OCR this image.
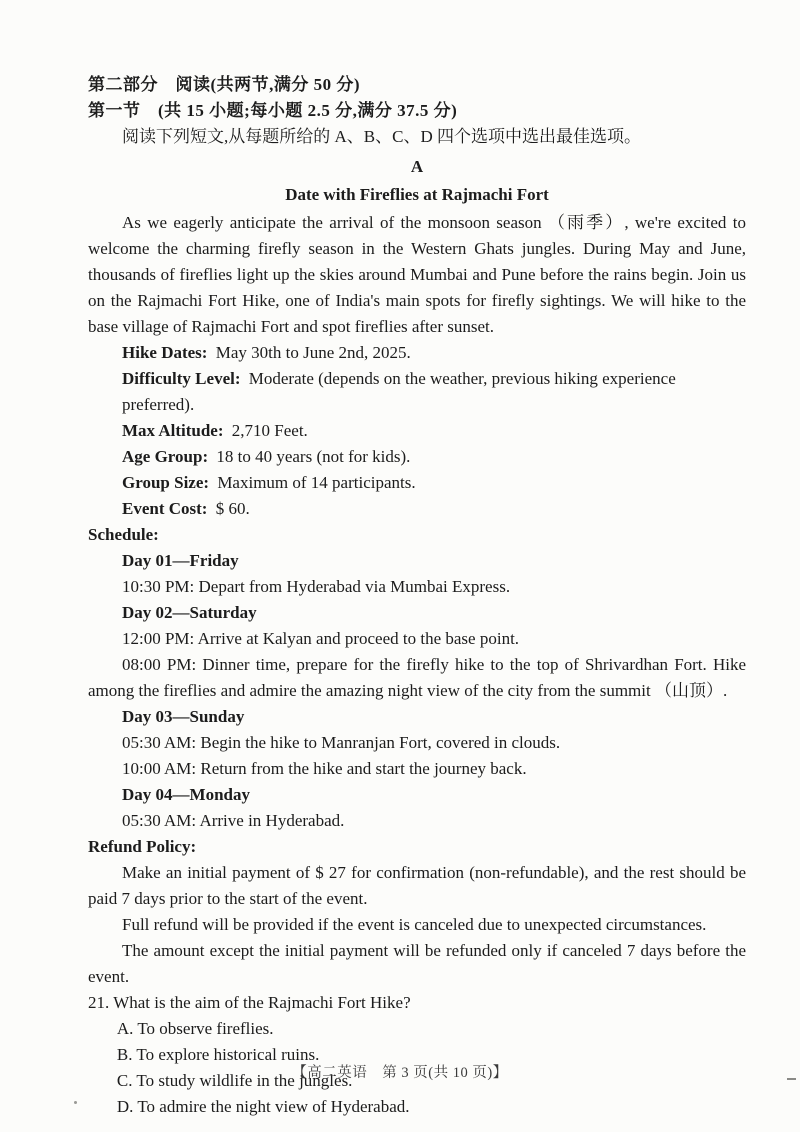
第二部分　阅读(共两节,满分 50 分)

第一节　(共 15 小题;每小题 2.5 分,满分 37.5 分)

阅读下列短文,从每题所给的 A、B、C、D 四个选项中选出最佳选项。

A

Date with Fireflies at Rajmachi Fort

As we eagerly anticipate the arrival of the monsoon season （雨季）, we're excited to welcome the charming firefly season in the Western Ghats jungles. During May and June, thousands of fireflies light up the skies around Mumbai and Pune before the rains begin. Join us on the Rajmachi Fort Hike, one of India's main spots for firefly sightings. We will hike to the base village of Rajmachi Fort and spot fireflies after sunset.

Hike Dates: May 30th to June 2nd, 2025.

Difficulty Level: Moderate (depends on the weather, previous hiking experience preferred).

Max Altitude: 2,710 Feet.

Age Group: 18 to 40 years (not for kids).

Group Size: Maximum of 14 participants.

Event Cost: $ 60.

Schedule:

Day 01—Friday

10:30 PM: Depart from Hyderabad via Mumbai Express.

Day 02—Saturday

12:00 PM: Arrive at Kalyan and proceed to the base point.

08:00 PM: Dinner time, prepare for the firefly hike to the top of Shrivardhan Fort. Hike among the fireflies and admire the amazing night view of the city from the summit （山顶）.

Day 03—Sunday

05:30 AM: Begin the hike to Manranjan Fort, covered in clouds.

10:00 AM: Return from the hike and start the journey back.

Day 04—Monday

05:30 AM: Arrive in Hyderabad.

Refund Policy:

Make an initial payment of $ 27 for confirmation (non-refundable), and the rest should be paid 7 days prior to the start of the event.

Full refund will be provided if the event is canceled due to unexpected circumstances.

The amount except the initial payment will be refunded only if canceled 7 days before the event.

21. What is the aim of the Rajmachi Fort Hike?

A. To observe fireflies.

B. To explore historical ruins.

C. To study wildlife in the jungles.

D. To admire the night view of Hyderabad.

【高二英语　第 3 页(共 10 页)】
